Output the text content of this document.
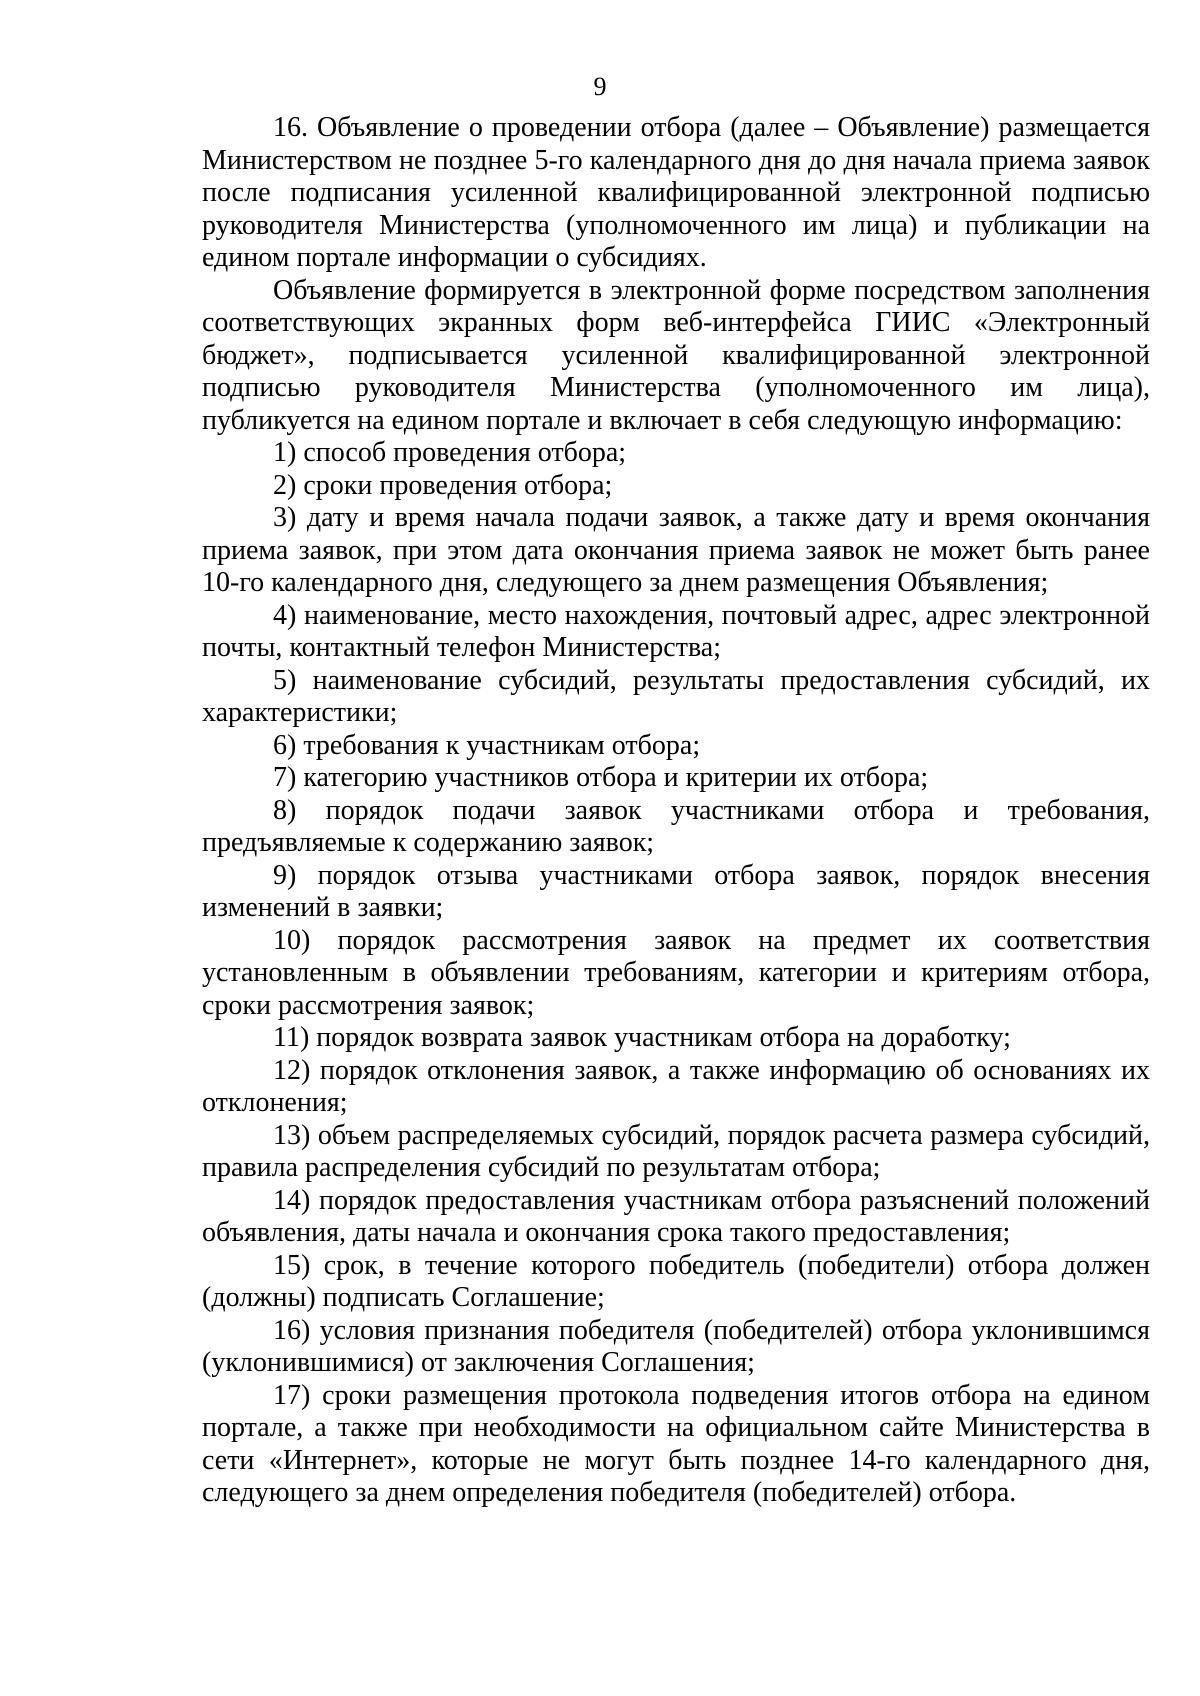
9

16. Объявление о проведении отбора (далее – Объявление) размещается Министерством не позднее 5-го календарного дня до дня начала приема заявок после подписания усиленной квалифицированной электронной подписью руководителя Министерства (уполномоченного им лица) и публикации на едином портале информации о субсидиях.

Объявление формируется в электронной форме посредством заполнения соответствующих экранных форм веб-интерфейса ГИИС «Электронный бюджет», подписывается усиленной квалифицированной электронной подписью руководителя Министерства (уполномоченного им лица), публикуется на едином портале и включает в себя следующую информацию:

1) способ проведения отбора;

2) сроки проведения отбора;

3) дату и время начала подачи заявок, а также дату и время окончания приема заявок, при этом дата окончания приема заявок не может быть ранее 10-го календарного дня, следующего за днем размещения Объявления;

4) наименование, место нахождения, почтовый адрес, адрес электронной почты, контактный телефон Министерства;

5) наименование субсидий, результаты предоставления субсидий, их характеристики;

6) требования к участникам отбора;

7) категорию участников отбора и критерии их отбора;

8) порядок подачи заявок участниками отбора и требования, предъявляемые к содержанию заявок;

9) порядок отзыва участниками отбора заявок, порядок внесения изменений в заявки;

10) порядок рассмотрения заявок на предмет их соответствия установленным в объявлении требованиям, категории и критериям отбора, сроки рассмотрения заявок;

11) порядок возврата заявок участникам отбора на доработку;

12) порядок отклонения заявок, а также информацию об основаниях их отклонения;

13) объем распределяемых субсидий, порядок расчета размера субсидий, правила распределения субсидий по результатам отбора;

14) порядок предоставления участникам отбора разъяснений положений объявления, даты начала и окончания срока такого предоставления;

15) срок, в течение которого победитель (победители) отбора должен (должны) подписать Соглашение;

16) условия признания победителя (победителей) отбора уклонившимся (уклонившимися) от заключения Соглашения;

17) сроки размещения протокола подведения итогов отбора на едином портале, а также при необходимости на официальном сайте Министерства в сети «Интернет», которые не могут быть позднее 14-го календарного дня, следующего за днем определения победителя (победителей) отбора.
